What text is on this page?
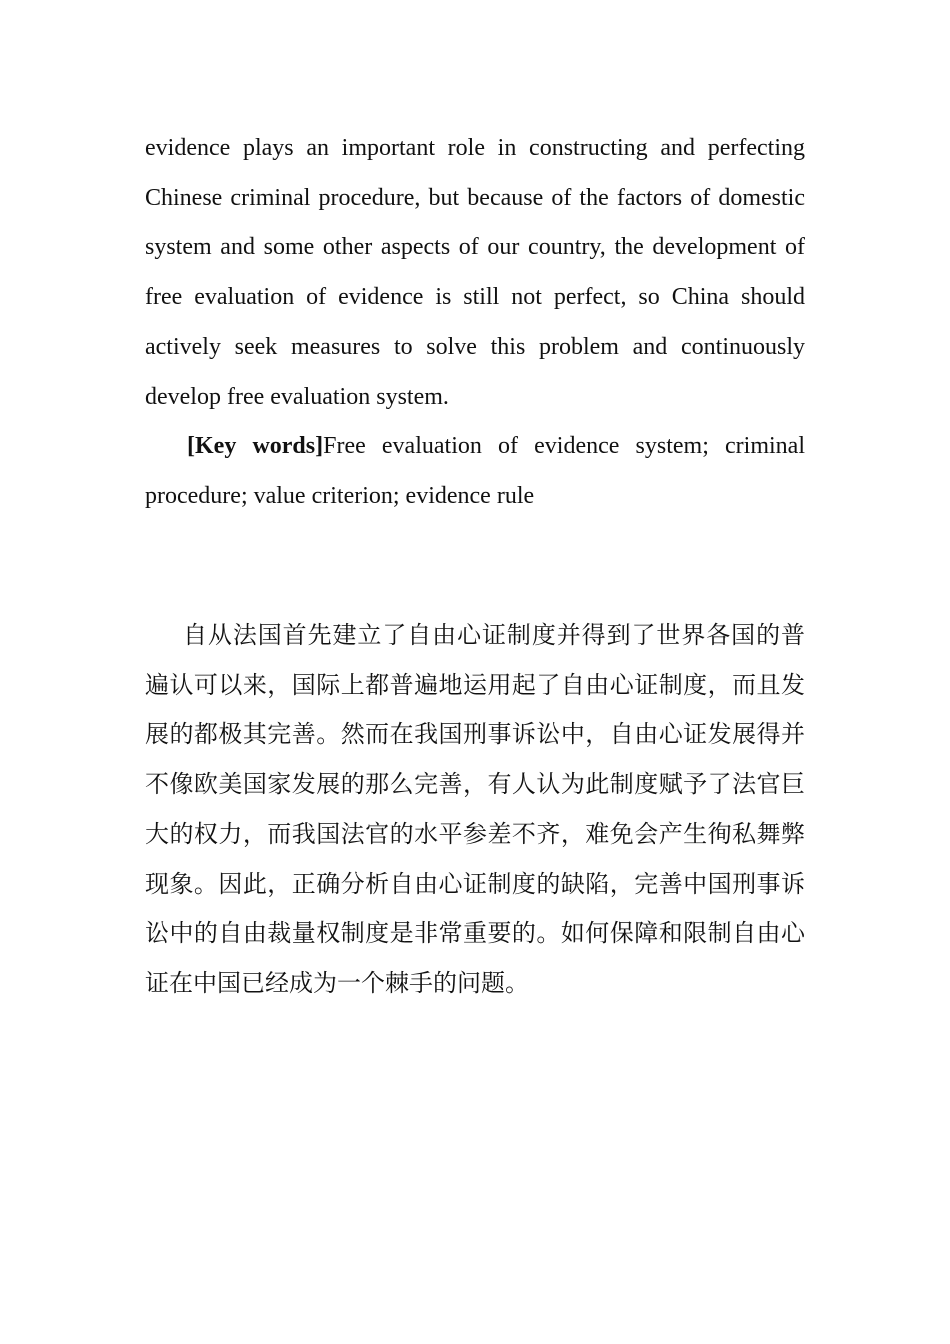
evidence plays an important role in constructing and perfecting Chinese criminal procedure, but because of the factors of domestic system and some other aspects of our country, the development of free evaluation of evidence is still not perfect, so China should actively seek measures to solve this problem and continuously develop free evaluation system.

[Key words]Free evaluation of evidence system; criminal procedure; value criterion; evidence rule

自从法国首先建立了自由心证制度并得到了世界各国的普遍认可以来，国际上都普遍地运用起了自由心证制度，而且发展的都极其完善。然而在我国刑事诉讼中，自由心证发展得并不像欧美国家发展的那么完善，有人认为此制度赋予了法官巨大的权力，而我国法官的水平参差不齐，难免会产生徇私舞弊现象。因此，正确分析自由心证制度的缺陷，完善中国刑事诉讼中的自由裁量权制度是非常重要的。如何保障和限制自由心证在中国已经成为一个棘手的问题。
